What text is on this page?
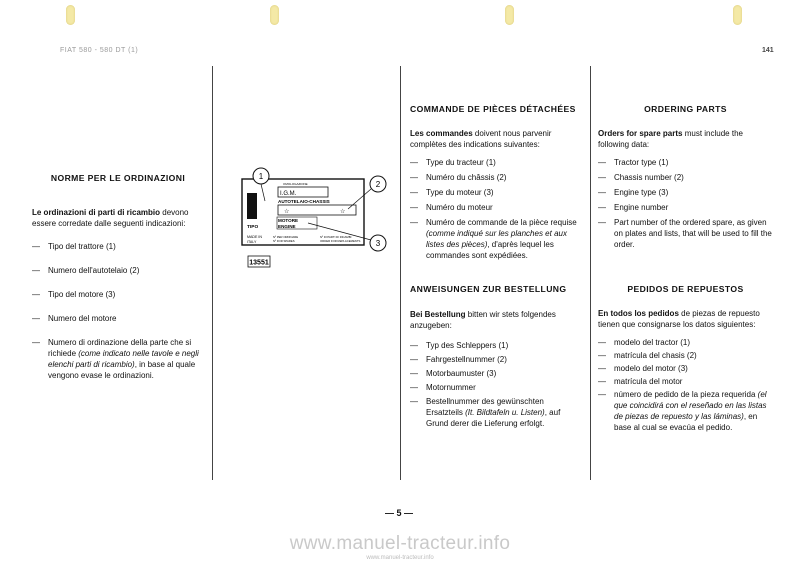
FIAT 580 - 580 DT (1)	141
NORME PER LE ORDINAZIONI

Le ordinazioni di parti di ricambio devono essere corredate dalle seguenti indicazioni:

— Tipo del trattore (1)
— Numero dell'autotelaio (2)
— Tipo del motore (3)
— Numero del motore
— Numero di ordinazione della parte che si richiede (come indicato nelle tavole e negli elenchi parti di ricambio), in base al quale vengono evase le ordinazioni.
FIAT
TIPO
OMOLOGAZIONE
I.G.M.
AUTOTELAIO-CHASSIS
☆	☆
MOTORE
ENGINE
MADE IN
ITALY
Nº PER ORDINARE
Nº FOR SPARES
Nº DI PARTI DI RICAMBI
ORDER FOR REPLACEMENTS
1
2
3
13551
COMMANDE DE PIÈCES DÉTACHÉES

Les commandes doivent nous parvenir complètes des indications suivantes:

— Type du tracteur (1)
— Numéro du châssis (2)
— Type du moteur (3)
— Numéro du moteur
— Numéro de commande de la pièce requise (comme indiqué sur les planches et aux listes des pièces), d'après lequel les commandes sont expédiées.
ANWEISUNGEN ZUR BESTELLUNG

Bei Bestellung bitten wir stets folgendes anzugeben:

— Typ des Schleppers (1)
— Fahrgestellnummer (2)
— Motorbaumuster (3)
— Motornummer
— Bestellnummer des gewünschten Ersatzteils (It. Bildtafeln u. Listen), auf Grund derer die Lieferung erfolgt.
ORDERING PARTS

Orders for spare parts must include the following data:

— Tractor type (1)
— Chassis number (2)
— Engine type (3)
— Engine number
— Part number of the ordered spare, as given on plates and lists, that will be used to fill the order.
PEDIDOS DE REPUESTOS

En todos los pedidos de piezas de repuesto tienen que consignarse los datos siguientes:

— modelo del tractor (1)
— matrícula del chasis (2)
— modelo del motor (3)
— matrícula del motor
— número de pedido de la pieza requerida (el que coincidirá con el reseñado en las listas de piezas de repuesto y las láminas), en base al cual se evacúa el pedido.
— 5 —
www.manuel-tracteur.info
www.manuel-tracteur.info
